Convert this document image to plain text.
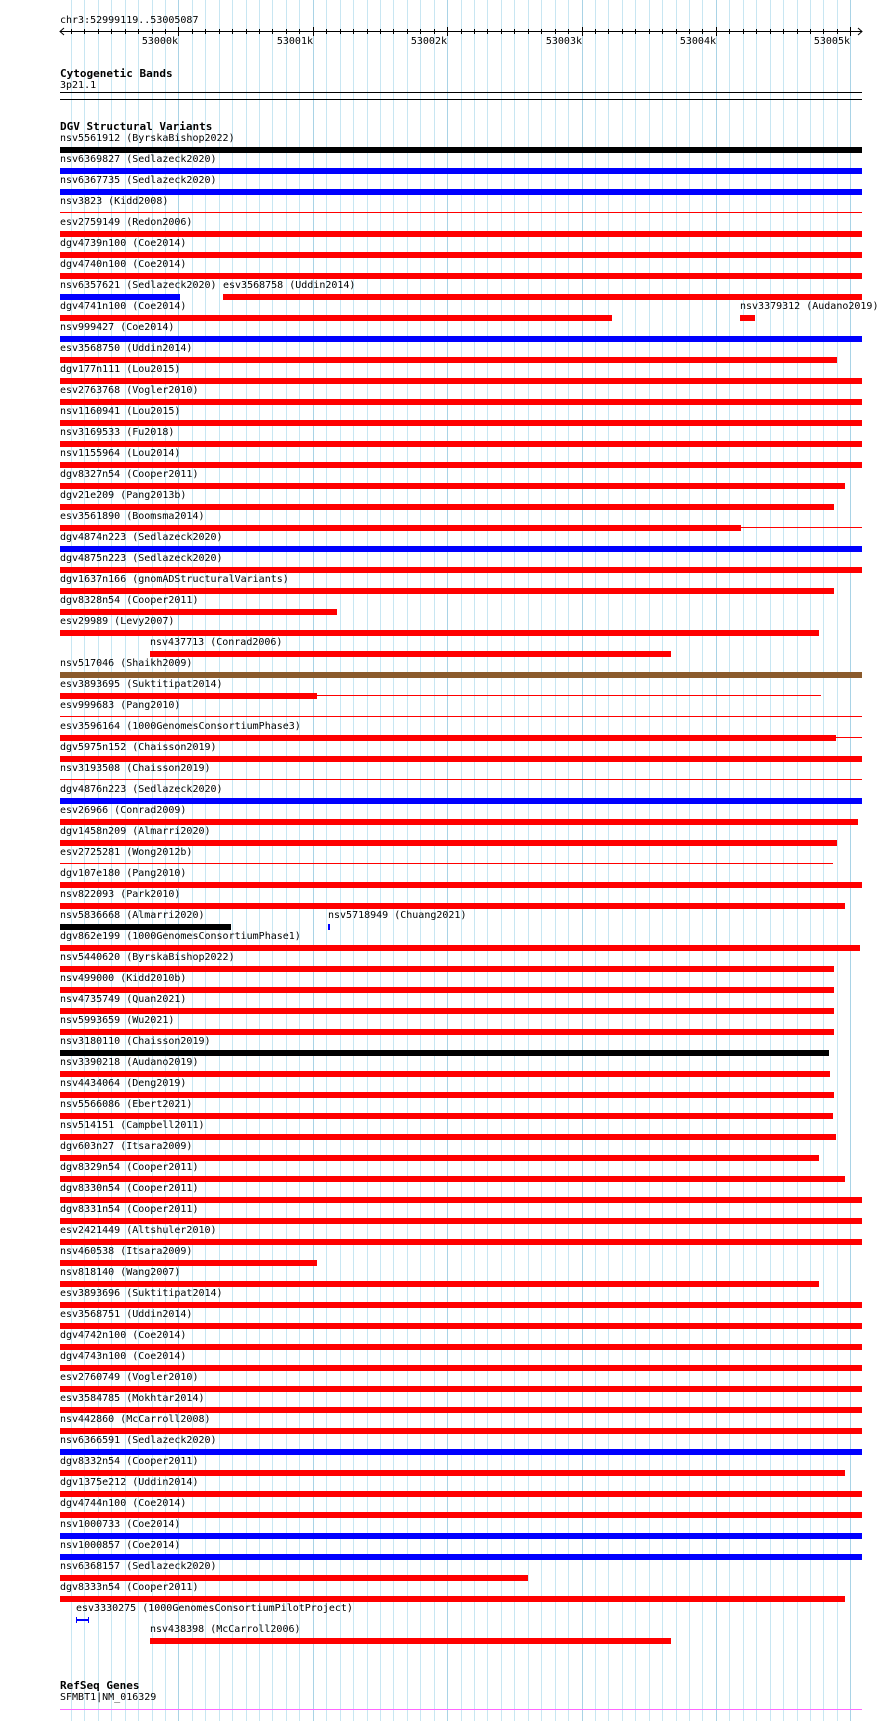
53000k	53001k	53002k	53003k	53004k	53005k
chr3:52999119..53005087
Cytogenetic Bands
3p21.1
DGV Structural Variants
nsv5561912 (ByrskaBishop2022)
nsv6369827 (Sedlazeck2020)
nsv6367735 (Sedlazeck2020)
nsv3823 (Kidd2008)
esv2759149 (Redon2006)
dgv4739n100 (Coe2014)
dgv4740n100 (Coe2014)
nsv6357621 (Sedlazeck2020) esv3568758 (Uddin2014)
dgv4741n100 (Coe2014)	nsv3379312 (Audano2019)
nsv999427 (Coe2014)
esv3568750 (Uddin2014)
dgv177n111 (Lou2015)
esv2763768 (Vogler2010)
nsv1160941 (Lou2015)
nsv3169533 (Fu2018)
nsv1155964 (Lou2014)
dgv8327n54 (Cooper2011)
dgv21e209 (Pang2013b)
esv3561890 (Boomsma2014)
dgv4874n223 (Sedlazeck2020)
dgv4875n223 (Sedlazeck2020)
dgv1637n166 (gnomADStructuralVariants)
dgv8328n54 (Cooper2011)
esv29989 (Levy2007)
nsv437713 (Conrad2006)
nsv517046 (Shaikh2009)
esv3893695 (Suktitipat2014)
esv999683 (Pang2010)
esv3596164 (1000GenomesConsortiumPhase3)
dgv5975n152 (Chaisson2019)
nsv3193508 (Chaisson2019)
dgv4876n223 (Sedlazeck2020)
esv26966 (Conrad2009)
dgv1458n209 (Almarri2020)
esv2725281 (Wong2012b)
dgv107e180 (Pang2010)
nsv822093 (Park2010)
nsv5836668 (Almarri2020)	nsv5718949 (Chuang2021)
dgv862e199 (1000GenomesConsortiumPhase1)
nsv5440620 (ByrskaBishop2022)
nsv499000 (Kidd2010b)
nsv4735749 (Quan2021)
nsv5993659 (Wu2021)
nsv3180110 (Chaisson2019)
nsv3390218 (Audano2019)
nsv4434064 (Deng2019)
nsv5566086 (Ebert2021)
nsv514151 (Campbell2011)
dgv603n27 (Itsara2009)
dgv8329n54 (Cooper2011)
dgv8330n54 (Cooper2011)
dgv8331n54 (Cooper2011)
esv2421449 (Altshuler2010)
nsv460538 (Itsara2009)
nsv818140 (Wang2007)
esv3893696 (Suktitipat2014)
esv3568751 (Uddin2014)
dgv4742n100 (Coe2014)
dgv4743n100 (Coe2014)
esv2760749 (Vogler2010)
esv3584785 (Mokhtar2014)
nsv442860 (McCarroll2008)
nsv6366591 (Sedlazeck2020)
dgv8332n54 (Cooper2011)
dgv1375e212 (Uddin2014)
dgv4744n100 (Coe2014)
nsv1000733 (Coe2014)
nsv1000857 (Coe2014)
nsv6368157 (Sedlazeck2020)
dgv8333n54 (Cooper2011)
esv3330275 (1000GenomesConsortiumPilotProject)
nsv438398 (McCarroll2006)
RefSeq Genes
SFMBT1|NM_016329
